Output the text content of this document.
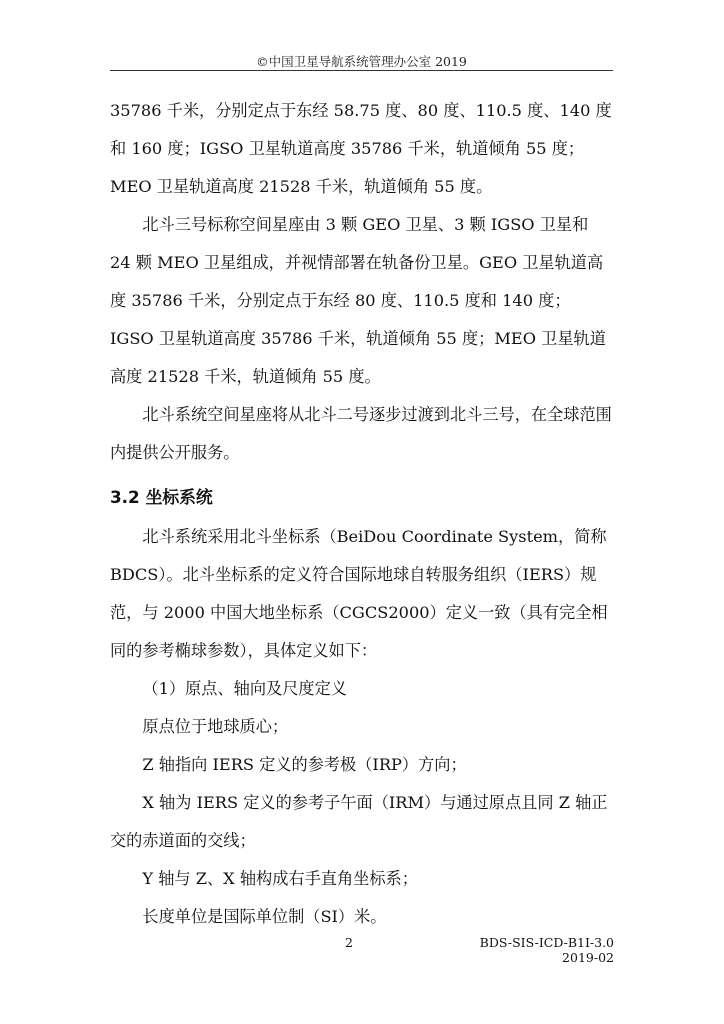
©中国卫星导航系统管理办公室 2019

35786 千米，分别定点于东经 58.75 度、80 度、110.5 度、140 度和 160 度；IGSO 卫星轨道高度 35786 千米，轨道倾角 55 度；MEO 卫星轨道高度 21528 千米，轨道倾角 55 度。

北斗三号标称空间星座由 3 颗 GEO 卫星、3 颗 IGSO 卫星和 24 颗 MEO 卫星组成，并视情部署在轨备份卫星。GEO 卫星轨道高度 35786 千米，分别定点于东经 80 度、110.5 度和 140 度；IGSO 卫星轨道高度 35786 千米，轨道倾角 55 度；MEO 卫星轨道高度 21528 千米，轨道倾角 55 度。

北斗系统空间星座将从北斗二号逐步过渡到北斗三号，在全球范围内提供公开服务。

3.2 坐标系统

北斗系统采用北斗坐标系（BeiDou Coordinate System，简称 BDCS）。北斗坐标系的定义符合国际地球自转服务组织（IERS）规范，与 2000 中国大地坐标系（CGCS2000）定义一致（具有完全相同的参考椭球参数），具体定义如下：

（1）原点、轴向及尺度定义

原点位于地球质心；

Z 轴指向 IERS 定义的参考极（IRP）方向；

X 轴为 IERS 定义的参考子午面（IRM）与通过原点且同 Z 轴正交的赤道面的交线；

Y 轴与 Z、X 轴构成右手直角坐标系；

长度单位是国际单位制（SI）米。

2	BDS-SIS-ICD-B1I-3.0
2019-02
